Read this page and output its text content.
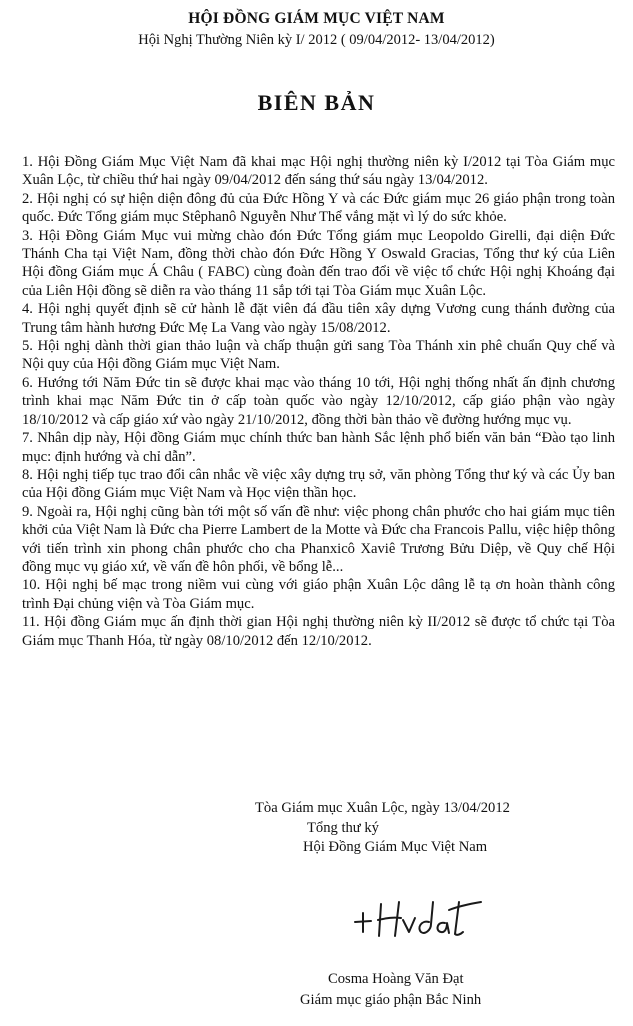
HỘI ĐỒNG GIÁM MỤC VIỆT NAM
Hội Nghị Thường Niên kỳ I/ 2012 ( 09/04/2012- 13/04/2012)
BIÊN BẢN

1. Hội Đồng Giám Mục Việt Nam đã khai mạc Hội nghị thường niên kỳ I/2012 tại Tòa Giám mục Xuân Lộc, từ chiều thứ hai ngày 09/04/2012 đến sáng thứ sáu ngày 13/04/2012.

2. Hội nghị có sự hiện diện đông đủ của Đức Hồng Y và các Đức giám mục 26 giáo phận trong toàn quốc. Đức Tổng giám mục Stêphanô Nguyễn Như Thể vắng mặt vì lý do sức khỏe.

3. Hội Đồng Giám Mục vui mừng chào đón Đức Tổng giám mục Leopoldo Girelli, đại diện Đức Thánh Cha tại Việt Nam, đồng thời chào đón Đức Hồng Y Oswald Gracias, Tổng thư ký của Liên Hội đồng Giám mục Á Châu ( FABC) cùng đoàn đến trao đổi về việc tổ chức Hội nghị Khoáng đại của Liên Hội đồng sẽ diễn ra vào tháng 11 sắp tới tại Tòa Giám mục Xuân Lộc.

4. Hội nghị quyết định sẽ cử hành lễ đặt viên đá đầu tiên xây dựng Vương cung thánh đường của Trung tâm hành hương Đức Mẹ La Vang vào ngày 15/08/2012.

5. Hội nghị dành thời gian thảo luận và chấp thuận gửi sang Tòa Thánh xin phê chuẩn Quy chế và Nội quy của Hội đồng Giám mục Việt Nam.

6. Hướng tới Năm Đức tin sẽ được khai mạc vào tháng 10 tới, Hội nghị thống nhất ấn định chương trình khai mạc Năm Đức tin ở cấp toàn quốc vào ngày 12/10/2012, cấp giáo phận vào ngày 18/10/2012 và cấp giáo xứ vào ngày 21/10/2012, đồng thời bàn thảo về đường hướng mục vụ.

7. Nhân dịp này, Hội đồng Giám mục chính thức ban hành Sắc lệnh phổ biến văn bản “Đào tạo linh mục: định hướng và chỉ dẫn”.

8. Hội nghị tiếp tục trao đổi cân nhắc về việc xây dựng trụ sở, văn phòng Tổng thư ký và các Ủy ban của Hội đồng Giám mục Việt Nam và Học viện thần học.

9. Ngoài ra, Hội nghị cũng bàn tới một số vấn đề như: việc phong chân phước cho hai giám mục tiên khởi của Việt Nam là Đức cha Pierre Lambert de la Motte và Đức cha Francois Pallu, việc hiệp thông với tiến trình xin phong chân phước cho cha Phanxicô Xaviê Trương Bửu Diệp, về Quy chế Hội đồng mục vụ giáo xứ, về vấn đề hôn phối, về bổng lễ...

10. Hội nghị bế mạc trong niềm vui cùng với giáo phận Xuân Lộc dâng lễ tạ ơn hoàn thành công trình Đại chủng viện và Tòa Giám mục.

11. Hội đồng Giám mục ấn định thời gian Hội nghị thường niên kỳ II/2012 sẽ được tổ chức tại Tòa Giám mục Thanh Hóa, từ ngày 08/10/2012 đến 12/10/2012.

Tòa Giám mục Xuân Lộc, ngày 13/04/2012
Tổng thư ký
Hội Đồng Giám Mục Việt Nam
Cosma Hoàng Văn Đạt
Giám mục giáo phận Bắc Ninh
